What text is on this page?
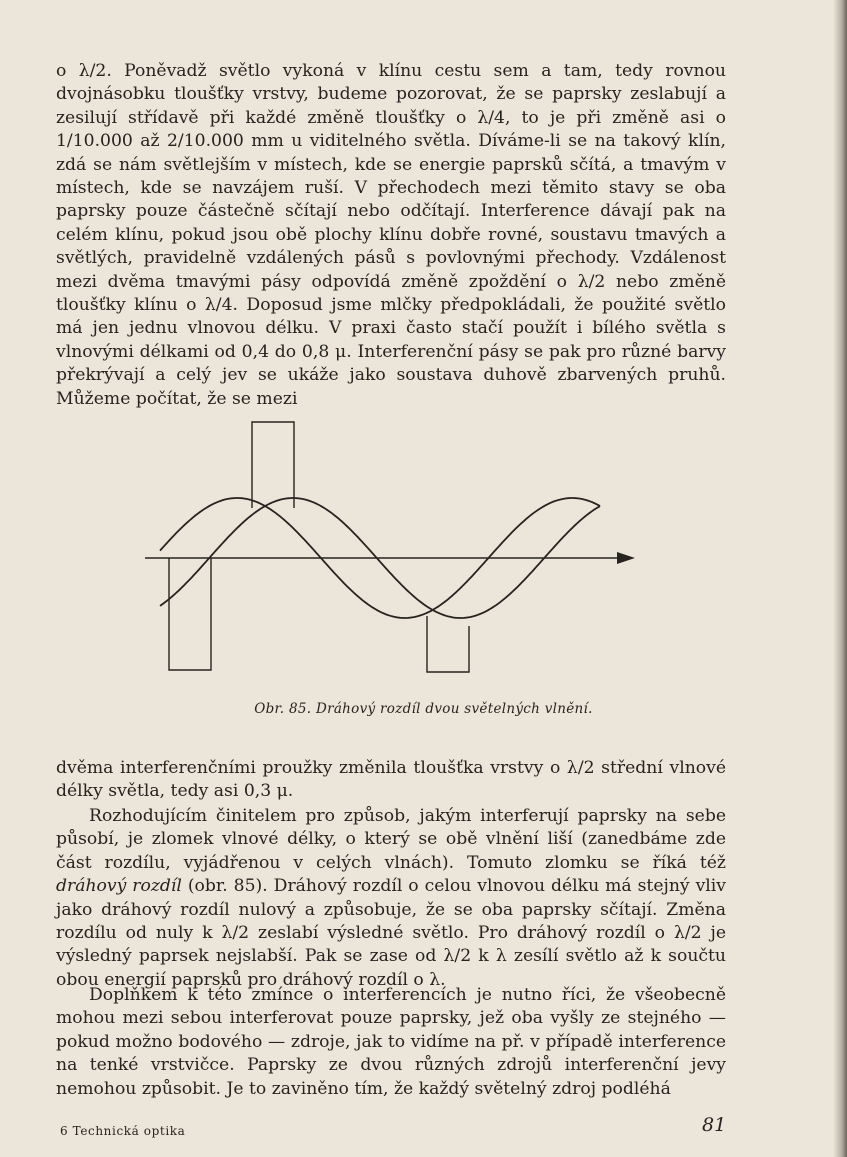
o λ/2. Poněvadž světlo vykoná v klínu cestu sem a tam, tedy rovnou dvojnásobku tloušťky vrstvy, budeme pozorovat, že se paprsky zeslabují a zesilují střídavě při každé změně tloušťky o λ/4, to je při změně asi o 1/10.000 až 2/10.000 mm u viditelného světla. Díváme-li se na takový klín, zdá se nám světlejším v místech, kde se energie paprsků sčítá, a tmavým v místech, kde se navzájem ruší. V přechodech mezi těmito stavy se oba paprsky pouze částečně sčítají nebo odčítají. Interference dávají pak na celém klínu, pokud jsou obě plochy klínu dobře rovné, soustavu tmavých a světlých, pravidelně vzdálených pásů s povlovnými přechody. Vzdálenost mezi dvěma tmavými pásy odpovídá změně zpoždění o λ/2 nebo změně tloušťky klínu o λ/4. Doposud jsme mlčky předpokládali, že použité světlo má jen jednu vlnovou délku. V praxi často stačí použít i bílého světla s vlnovými délkami od 0,4 do 0,8 μ. Interferenční pásy se pak pro různé barvy překrývají a celý jev se ukáže jako soustava duhově zbarvených pruhů. Můžeme počítat, že se mezi

Obr. 85. Dráhový rozdíl dvou světelných vlnění.

dvěma interferenčními proužky změnila tloušťka vrstvy o λ/2 střední vlnové délky světla, tedy asi 0,3 μ.

Rozhodujícím činitelem pro způsob, jakým interferují paprsky na sebe působí, je zlomek vlnové délky, o který se obě vlnění liší (zanedbáme zde část rozdílu, vyjádřenou v celých vlnách). Tomuto zlomku se říká též dráhový rozdíl (obr. 85). Dráhový rozdíl o celou vlnovou délku má stejný vliv jako dráhový rozdíl nulový a způsobuje, že se oba paprsky sčítají. Změna rozdílu od nuly k λ/2 zeslabí výsledné světlo. Pro dráhový rozdíl o λ/2 je výsledný paprsek nejslabší. Pak se zase od λ/2 k λ zesílí světlo až k součtu obou energií paprsků pro dráhový rozdíl o λ.

Doplňkem k této zmínce o interferencích je nutno říci, že všeobecně mohou mezi sebou interferovat pouze paprsky, jež oba vyšly ze stejného — pokud možno bodového — zdroje, jak to vidíme na př. v případě interference na tenké vrstvičce. Paprsky ze dvou různých zdrojů interferenční jevy nemohou způsobit. Je to zaviněno tím, že každý světelný zdroj podléhá

6 Technická optika	81
